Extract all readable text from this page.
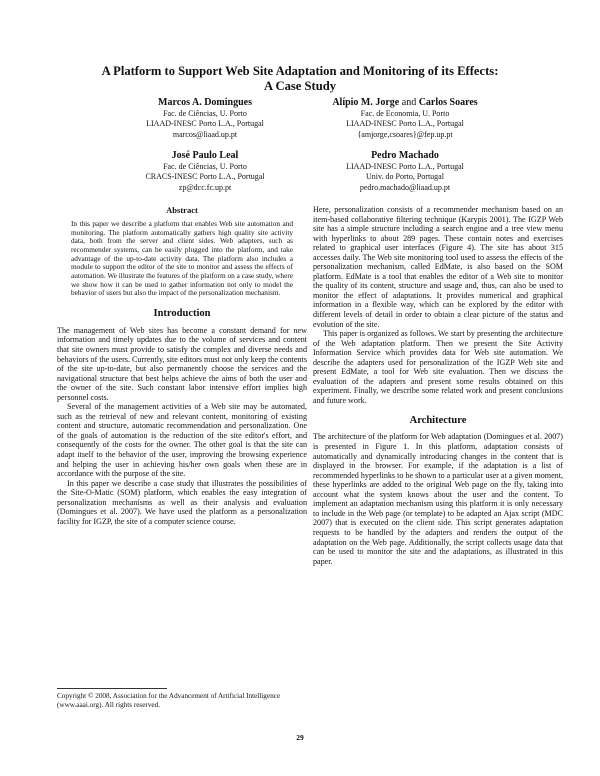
A Platform to Support Web Site Adaptation and Monitoring of its Effects:
A Case Study
Marcos A. Domingues
Fac. de Ciências, U. Porto
LIAAD-INESC Porto L.A., Portugal
marcos@liaad.up.pt
Alípio M. Jorge and Carlos Soares
Fac. de Economia, U. Porto
LIAAD-INESC Porto L.A., Portugal
{amjorge,csoares}@fep.up.pt
José Paulo Leal
Fac. de Ciências, U. Porto
CRACS-INESC Porto L.A., Portugal
zp@dcc.fc.up.pt
Pedro Machado
LIAAD-INESC Porto L.A., Portugal
Univ. do Porto, Portugal
pedro.machado@liaad.up.pt
Abstract

In this paper we describe a platform that enables Web site automation and monitoring. The platform automatically gathers high quality site activity data, both from the server and client sides. Web adapters, such as recommender systems, can be easily plugged into the platform, and take advantage of the up-to-date activity data. The platform also includes a module to support the editor of the site to monitor and assess the effects of automation. We illustrate the features of the platform on a case study, where we show how it can be used to gather information not only to model the behavior of users but also the impact of the personalization mechanism.

Introduction

The management of Web sites has become a constant demand for new information and timely updates due to the volume of services and content that site owners must provide to satisfy the complex and diverse needs and behaviors of the users. Currently, site editors must not only keep the contents of the site up-to-date, but also permanently choose the services and the navigational structure that best helps achieve the aims of both the user and the owner of the site. Such constant labor intensive effort implies high personnel costs.

Several of the management activities of a Web site may be automated, such as the retrieval of new and relevant content, monitoring of existing content and structure, automatic recommendation and personalization. One of the goals of automation is the reduction of the site editor's effort, and consequently of the costs for the owner. The other goal is that the site can adapt itself to the behavior of the user, improving the browsing experience and helping the user in achieving his/her own goals when these are in accordance with the purpose of the site.

In this paper we describe a case study that illustrates the possibilities of the Site-O-Matic (SOM) platform, which enables the easy integration of personalization mechanisms as well as their analysis and evaluation (Domingues et al. 2007). We have used the platform as a personalization facility for IGZP, the site of a computer science course.

Here, personalization consists of a recommender mechanism based on an item-based collaborative filtering technique (Karypis 2001). The IGZP Web site has a simple structure including a search engine and a tree view menu with hyperlinks to about 289 pages. These contain notes and exercises related to graphical user interfaces (Figure 4). The site has about 315 accesses daily. The Web site monitoring tool used to assess the effects of the personalization mechanism, called EdMate, is also based on the SOM platform. EdMate is a tool that enables the editor of a Web site to monitor the quality of its content, structure and usage and, thus, can also be used to monitor the effect of adaptations. It provides numerical and graphical information in a flexible way, which can be explored by the editor with different levels of detail in order to obtain a clear picture of the status and evolution of the site.

This paper is organized as follows. We start by presenting the architecture of the Web adaptation platform. Then we present the Site Activity Information Service which provides data for Web site automation. We describe the adapters used for personalization of the IGZP Web site and present EdMate, a tool for Web site evaluation. Then we discuss the evaluation of the adapters and present some results obtained on this experiment. Finally, we describe some related work and present conclusions and future work.

Architecture

The architecture of the platform for Web adaptation (Domingues et al. 2007) is presented in Figure 1. In this platform, adaptation consists of automatically and dynamically introducing changes in the content that is displayed in the browser. For example, if the adaptation is a list of recommended hyperlinks to be shown to a particular user at a given moment, these hyperlinks are added to the original Web page on the fly, taking into account what the system knows about the user and the content. To implement an adaptation mechanism using this platform it is only necessary to include in the Web page (or template) to be adapted an Ajax script (MDC 2007) that is executed on the client side. This script generates adaptation requests to be handled by the adapters and renders the output of the adaptation on the Web page. Additionally, the script collects usage data that can be used to monitor the site and the adaptations, as illustrated in this paper.

Copyright © 2008, Association for the Advancement of Artificial Intelligence (www.aaai.org). All rights reserved.
29
